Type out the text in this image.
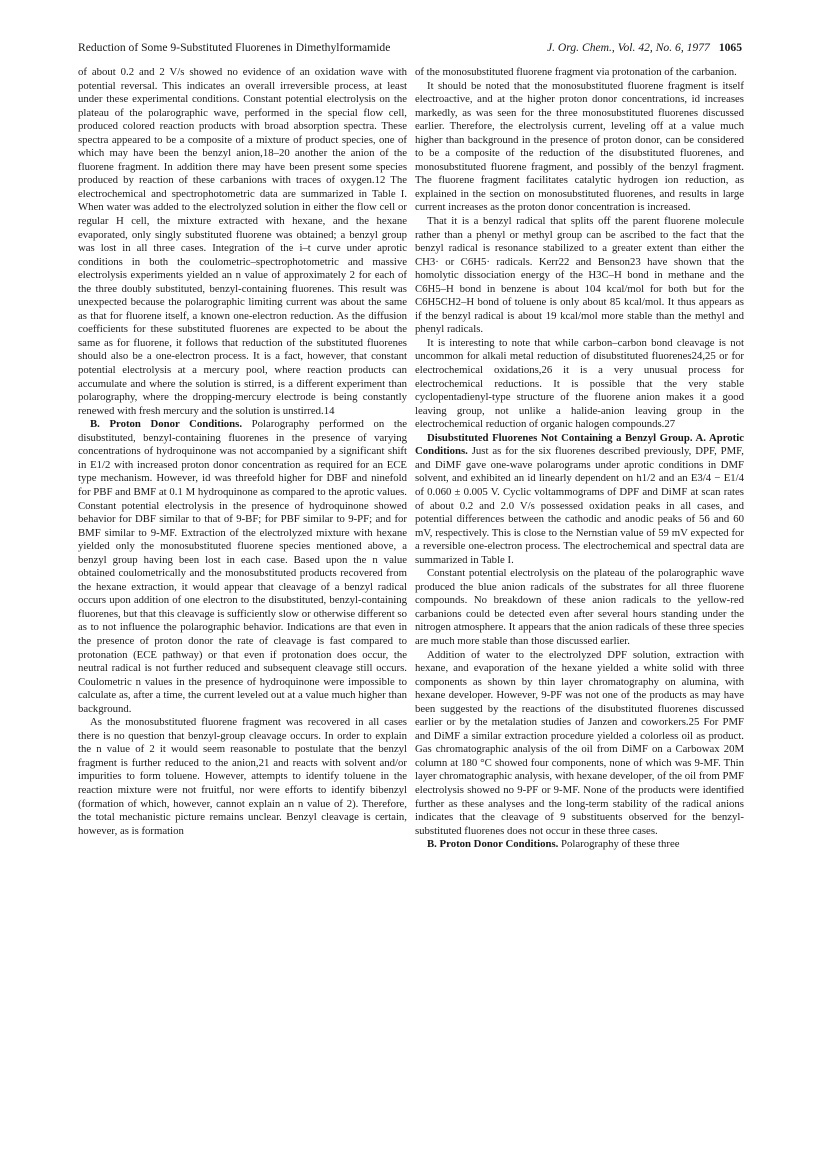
Reduction of Some 9-Substituted Fluorenes in Dimethylformamide	J. Org. Chem., Vol. 42, No. 6, 1977 1065

of about 0.2 and 2 V/s showed no evidence of an oxidation wave with potential reversal. This indicates an overall irreversible process, at least under these experimental conditions. Constant potential electrolysis on the plateau of the polarographic wave, performed in the special flow cell, produced colored reaction products with broad absorption spectra. These spectra appeared to be a composite of a mixture of product species, one of which may have been the benzyl anion,18–20 another the anion of the fluorene fragment. In addition there may have been present some species produced by reaction of these carbanions with traces of oxygen.12 The electrochemical and spectrophotometric data are summarized in Table I. When water was added to the electrolyzed solution in either the flow cell or regular H cell, the mixture extracted with hexane, and the hexane evaporated, only singly substituted fluorene was obtained; a benzyl group was lost in all three cases. Integration of the i–t curve under aprotic conditions in both the coulometric–spectrophotometric and massive electrolysis experiments yielded an n value of approximately 2 for each of the three doubly substituted, benzyl-containing fluorenes. This result was unexpected because the polarographic limiting current was about the same as that for fluorene itself, a known one-electron reduction. As the diffusion coefficients for these substituted fluorenes are expected to be about the same as for fluorene, it follows that reduction of the substituted fluorenes should also be a one-electron process. It is a fact, however, that constant potential electrolysis at a mercury pool, where reaction products can accumulate and where the solution is stirred, is a different experiment than polarography, where the dropping-mercury electrode is being constantly renewed with fresh mercury and the solution is unstirred.14

B. Proton Donor Conditions. Polarography performed on the disubstituted, benzyl-containing fluorenes in the presence of varying concentrations of hydroquinone was not accompanied by a significant shift in E1/2 with increased proton donor concentration as required for an ECE type mechanism. However, id was threefold higher for DBF and ninefold for PBF and BMF at 0.1 M hydroquinone as compared to the aprotic values. Constant potential electrolysis in the presence of hydroquinone showed behavior for DBF similar to that of 9-BF; for PBF similar to 9-PF; and for BMF similar to 9-MF. Extraction of the electrolyzed mixture with hexane yielded only the monosubstituted fluorene species mentioned above, a benzyl group having been lost in each case. Based upon the n value obtained coulometrically and the monosubstituted products recovered from the hexane extraction, it would appear that cleavage of a benzyl radical occurs upon addition of one electron to the disubstituted, benzyl-containing fluorenes, but that this cleavage is sufficiently slow or otherwise different so as to not influence the polarographic behavior. Indications are that even in the presence of proton donor the rate of cleavage is fast compared to protonation (ECE pathway) or that even if protonation does occur, the neutral radical is not further reduced and subsequent cleavage still occurs. Coulometric n values in the presence of hydroquinone were impossible to calculate as, after a time, the current leveled out at a value much higher than background.

As the monosubstituted fluorene fragment was recovered in all cases there is no question that benzyl-group cleavage occurs. In order to explain the n value of 2 it would seem reasonable to postulate that the benzyl fragment is further reduced to the anion,21 and reacts with solvent and/or impurities to form toluene. However, attempts to identify toluene in the reaction mixture were not fruitful, nor were efforts to identify bibenzyl (formation of which, however, cannot explain an n value of 2). Therefore, the total mechanistic picture remains unclear. Benzyl cleavage is certain, however, as is formation

of the monosubstituted fluorene fragment via protonation of the carbanion.

It should be noted that the monosubstituted fluorene fragment is itself electroactive, and at the higher proton donor concentrations, id increases markedly, as was seen for the three monosubstituted fluorenes discussed earlier. Therefore, the electrolysis current, leveling off at a value much higher than background in the presence of proton donor, can be considered to be a composite of the reduction of the disubstituted fluorenes, and monosubstituted fluorene fragment, and possibly of the benzyl fragment. The fluorene fragment facilitates catalytic hydrogen ion reduction, as explained in the section on monosubstituted fluorenes, and results in large current increases as the proton donor concentration is increased.

That it is a benzyl radical that splits off the parent fluorene molecule rather than a phenyl or methyl group can be ascribed to the fact that the benzyl radical is resonance stabilized to a greater extent than either the CH3· or C6H5· radicals. Kerr22 and Benson23 have shown that the homolytic dissociation energy of the H3C–H bond in methane and the C6H5–H bond in benzene is about 104 kcal/mol for both but for the C6H5CH2–H bond of toluene is only about 85 kcal/mol. It thus appears as if the benzyl radical is about 19 kcal/mol more stable than the methyl and phenyl radicals.

It is interesting to note that while carbon–carbon bond cleavage is not uncommon for alkali metal reduction of disubstituted fluorenes24,25 or for electrochemical oxidations,26 it is a very unusual process for electrochemical reductions. It is possible that the very stable cyclopentadienyl-type structure of the fluorene anion makes it a good leaving group, not unlike a halide-anion leaving group in the electrochemical reduction of organic halogen compounds.27

Disubstituted Fluorenes Not Containing a Benzyl Group. A. Aprotic Conditions. Just as for the six fluorenes described previously, DPF, PMF, and DiMF gave one-wave polarograms under aprotic conditions in DMF solvent, and exhibited an id linearly dependent on h1/2 and an E3/4 − E1/4 of 0.060 ± 0.005 V. Cyclic voltammograms of DPF and DiMF at scan rates of about 0.2 and 2.0 V/s possessed oxidation peaks in all cases, and potential differences between the cathodic and anodic peaks of 56 and 60 mV, respectively. This is close to the Nernstian value of 59 mV expected for a reversible one-electron process. The electrochemical and spectral data are summarized in Table I.

Constant potential electrolysis on the plateau of the polarographic wave produced the blue anion radicals of the substrates for all three fluorene compounds. No breakdown of these anion radicals to the yellow-red carbanions could be detected even after several hours standing under the nitrogen atmosphere. It appears that the anion radicals of these three species are much more stable than those discussed earlier.

Addition of water to the electrolyzed DPF solution, extraction with hexane, and evaporation of the hexane yielded a white solid with three components as shown by thin layer chromatography on alumina, with hexane developer. However, 9-PF was not one of the products as may have been suggested by the reactions of the disubstituted fluorenes discussed earlier or by the metalation studies of Janzen and coworkers.25 For PMF and DiMF a similar extraction procedure yielded a colorless oil as product. Gas chromatographic analysis of the oil from DiMF on a Carbowax 20M column at 180 °C showed four components, none of which was 9-MF. Thin layer chromatographic analysis, with hexane developer, of the oil from PMF electrolysis showed no 9-PF or 9-MF. None of the products were identified further as these analyses and the long-term stability of the radical anions indicates that the cleavage of 9 substituents observed for the benzyl-substituted fluorenes does not occur in these three cases.

B. Proton Donor Conditions. Polarography of these three
